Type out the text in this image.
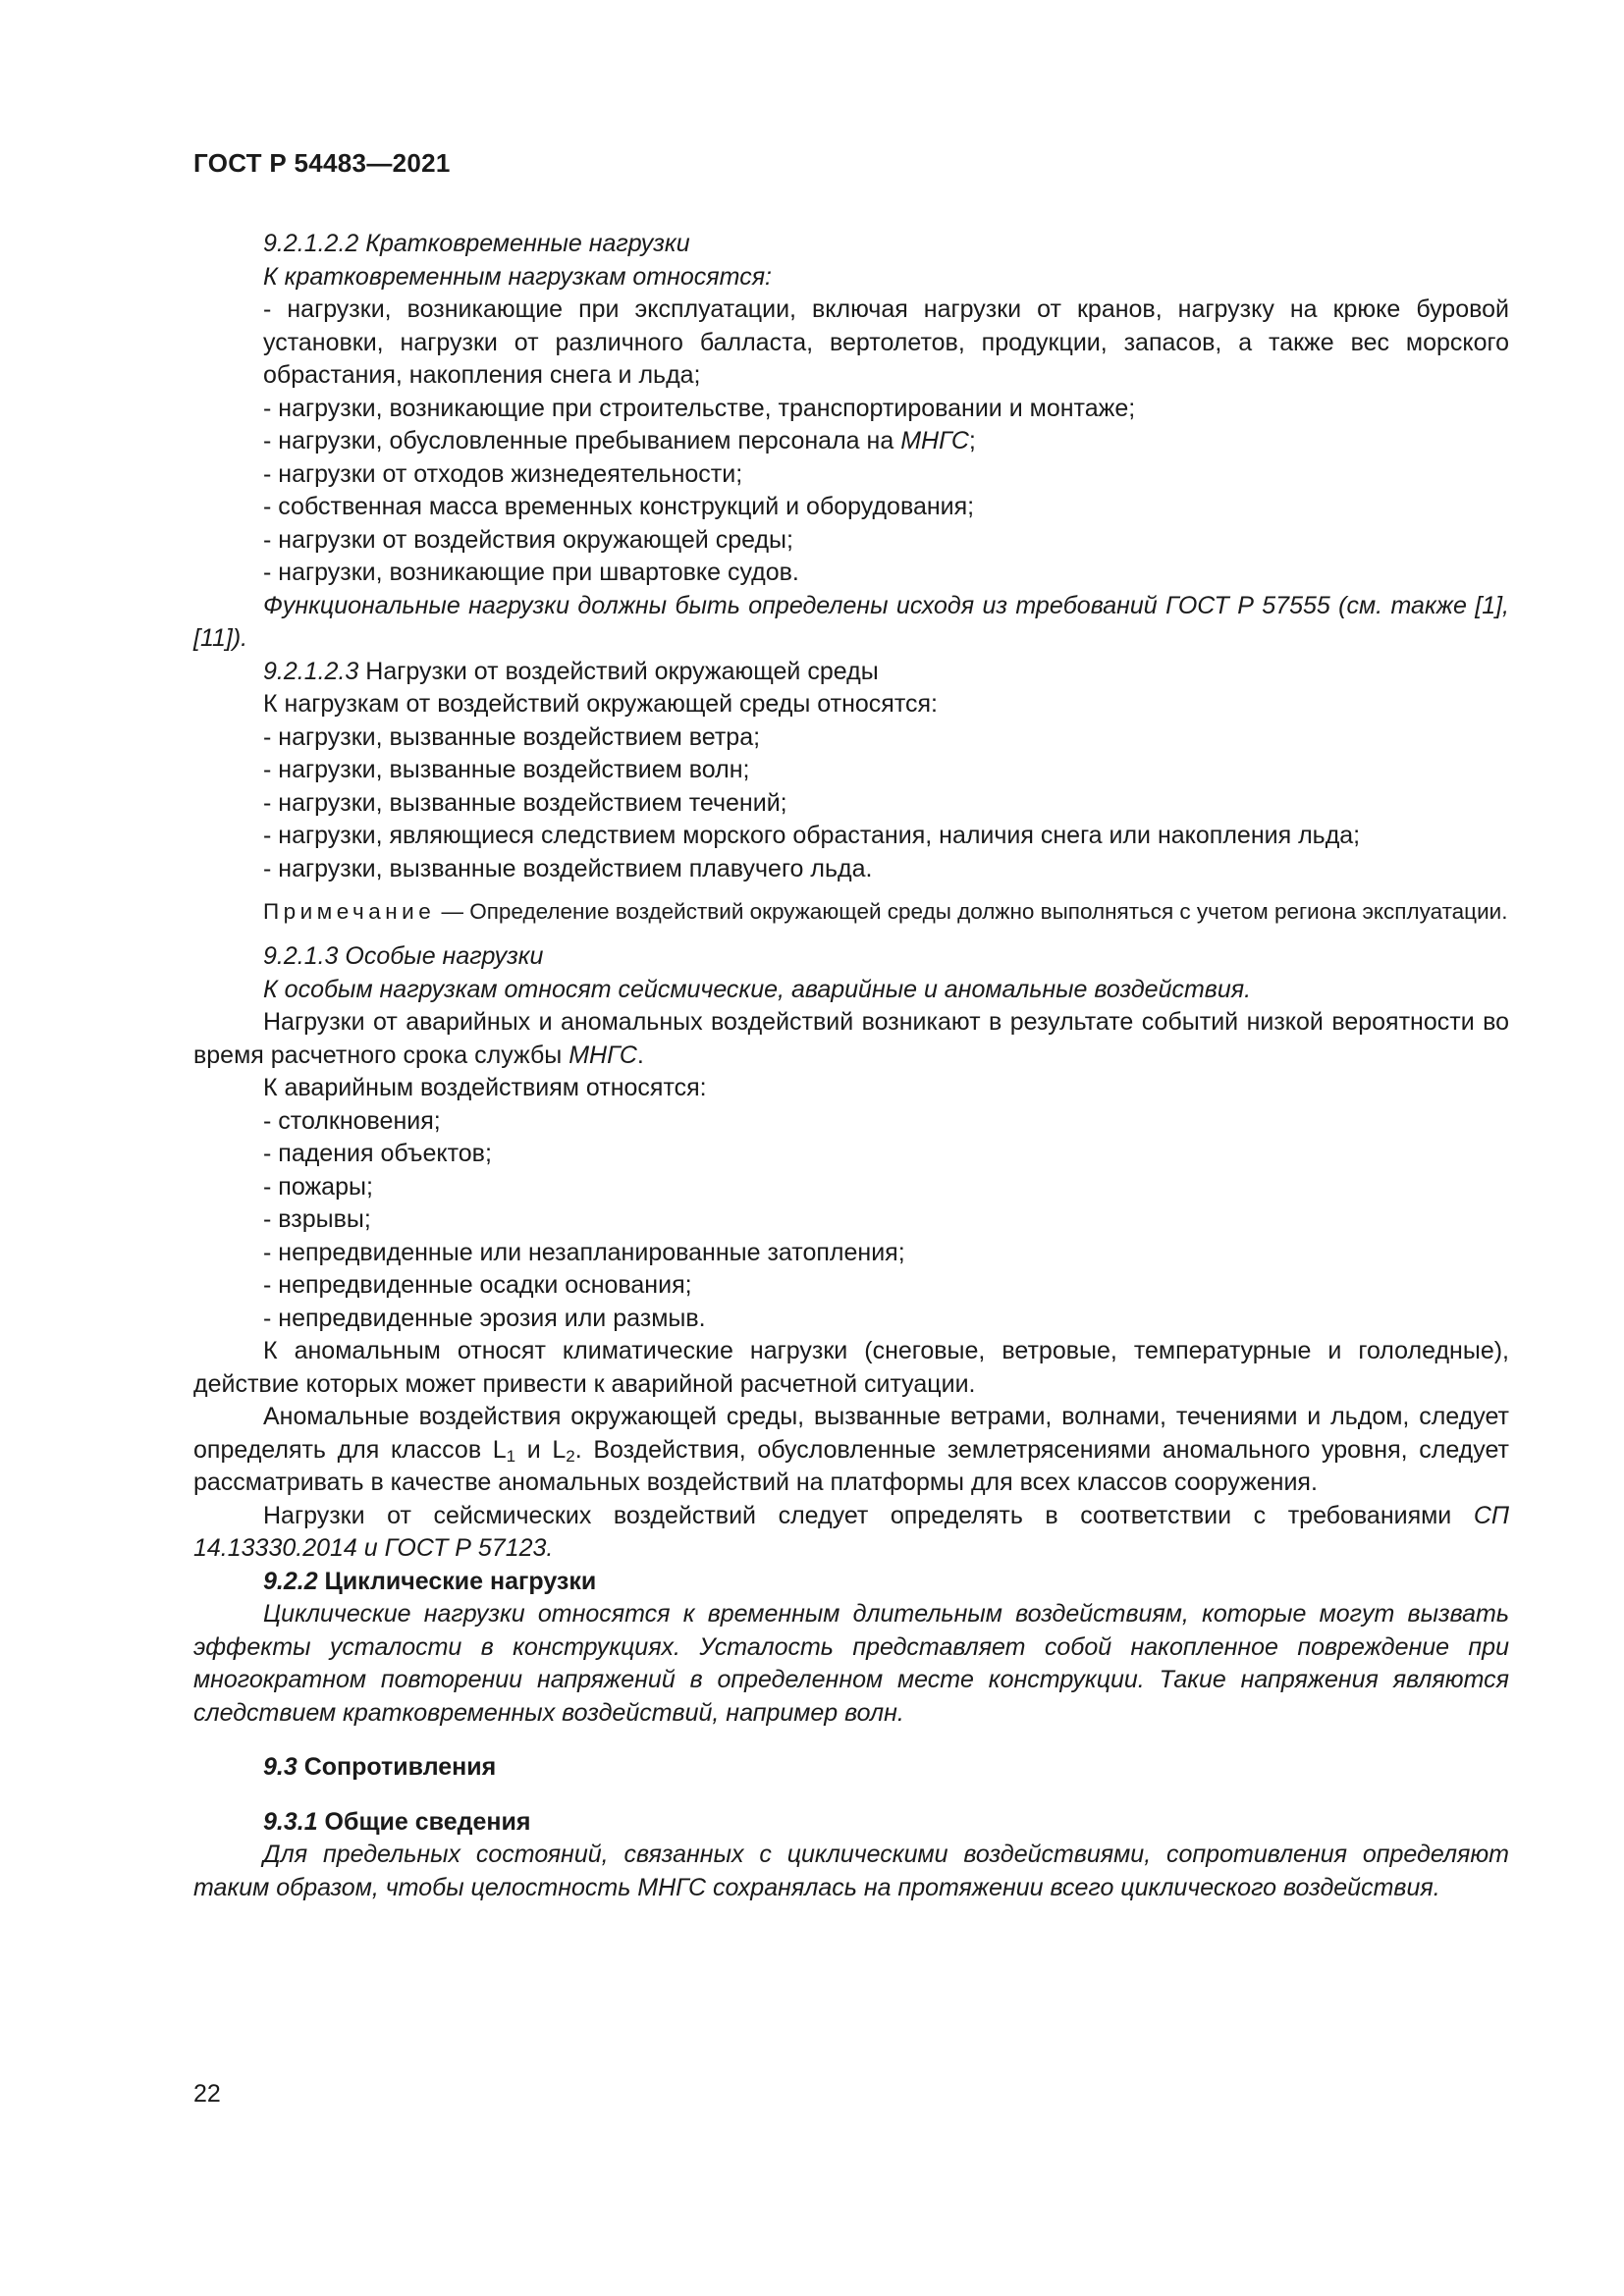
ГОСТ Р 54483—2021

9.2.1.2.2 Кратковременные нагрузки

К кратковременным нагрузкам относятся:

- нагрузки, возникающие при эксплуатации, включая нагрузки от кранов, нагрузку на крюке буровой установки, нагрузки от различного балласта, вертолетов, продукции, запасов, а также вес морского обрастания, накопления снега и льда;

- нагрузки, возникающие при строительстве, транспортировании и монтаже;

- нагрузки, обусловленные пребыванием персонала на МНГС;

- нагрузки от отходов жизнедеятельности;

- собственная масса временных конструкций и оборудования;

- нагрузки от воздействия окружающей среды;

- нагрузки, возникающие при швартовке судов.

Функциональные нагрузки должны быть определены исходя из требований ГОСТ Р 57555 (см. также [1], [11]).

9.2.1.2.3 Нагрузки от воздействий окружающей среды

К нагрузкам от воздействий окружающей среды относятся:

- нагрузки, вызванные воздействием ветра;

- нагрузки, вызванные воздействием волн;

- нагрузки, вызванные воздействием течений;

- нагрузки, являющиеся следствием морского обрастания, наличия снега или накопления льда;

- нагрузки, вызванные воздействием плавучего льда.

Примечание — Определение воздействий окружающей среды должно выполняться с учетом региона эксплуатации.

9.2.1.3 Особые нагрузки

К особым нагрузкам относят сейсмические, аварийные и аномальные воздействия.

Нагрузки от аварийных и аномальных воздействий возникают в результате событий низкой вероятности во время расчетного срока службы МНГС.

К аварийным воздействиям относятся:

- столкновения;

- падения объектов;

- пожары;

- взрывы;

- непредвиденные или незапланированные затопления;

- непредвиденные осадки основания;

- непредвиденные эрозия или размыв.

К аномальным относят климатические нагрузки (снеговые, ветровые, температурные и гололедные), действие которых может привести к аварийной расчетной ситуации.

Аномальные воздействия окружающей среды, вызванные ветрами, волнами, течениями и льдом, следует определять для классов $L_1$ и $L_2$. Воздействия, обусловленные землетрясениями аномального уровня, следует рассматривать в качестве аномальных воздействий на платформы для всех классов сооружения.

Нагрузки от сейсмических воздействий следует определять в соответствии с требованиями СП 14.13330.2014 и ГОСТ Р 57123.

9.2.2 Циклические нагрузки

Циклические нагрузки относятся к временным длительным воздействиям, которые могут вызвать эффекты усталости в конструкциях. Усталость представляет собой накопленное повреждение при многократном повторении напряжений в определенном месте конструкции. Такие напряжения являются следствием кратковременных воздействий, например волн.

9.3 Сопротивления

9.3.1 Общие сведения

Для предельных состояний, связанных с циклическими воздействиями, сопротивления определяют таким образом, чтобы целостность МНГС сохранялась на протяжении всего циклического воздействия.

22
